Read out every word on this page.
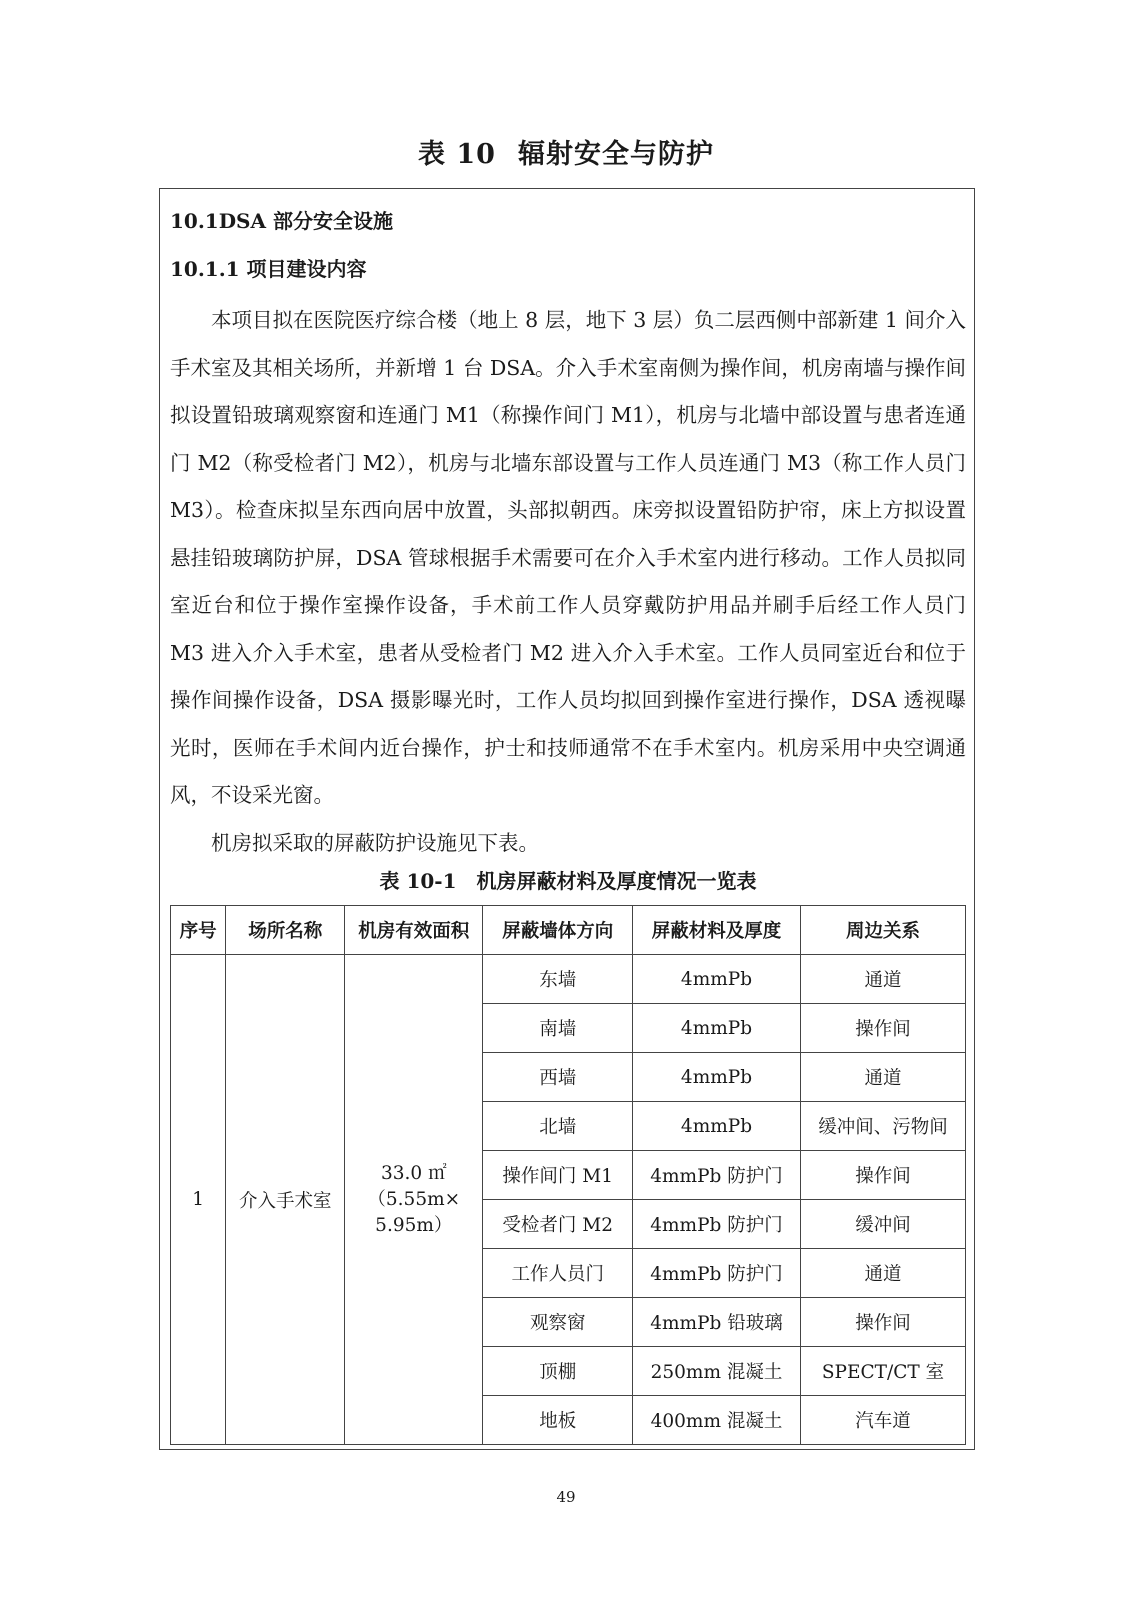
表 10 辐射安全与防护
10.1DSA 部分安全设施
10.1.1 项目建设内容

本项目拟在医院医疗综合楼（地上 8 层，地下 3 层）负二层西侧中部新建 1 间介入手术室及其相关场所，并新增 1 台 DSA。介入手术室南侧为操作间，机房南墙与操作间拟设置铅玻璃观察窗和连通门 M1（称操作间门 M1），机房与北墙中部设置与患者连通门 M2（称受检者门 M2），机房与北墙东部设置与工作人员连通门 M3（称工作人员门 M3）。检查床拟呈东西向居中放置，头部拟朝西。床旁拟设置铅防护帘，床上方拟设置悬挂铅玻璃防护屏，DSA 管球根据手术需要可在介入手术室内进行移动。工作人员拟同室近台和位于操作室操作设备，手术前工作人员穿戴防护用品并刷手后经工作人员门 M3 进入介入手术室，患者从受检者门 M2 进入介入手术室。工作人员同室近台和位于操作间操作设备，DSA 摄影曝光时，工作人员均拟回到操作室进行操作，DSA 透视曝光时，医师在手术间内近台操作，护士和技师通常不在手术室内。机房采用中央空调通风，不设采光窗。

机房拟采取的屏蔽防护设施见下表。

表 10-1 机房屏蔽材料及厚度情况一览表
序号	场所名称	机房有效面积	屏蔽墙体方向	屏蔽材料及厚度	周边关系
1	介入手术室	33.0 ㎡
（5.55m×
5.95m）	东墙	4mmPb	通道
			南墙	4mmPb	操作间
			西墙	4mmPb	通道
			北墙	4mmPb	缓冲间、污物间
			操作间门 M1	4mmPb 防护门	操作间
			受检者门 M2	4mmPb 防护门	缓冲间
			工作人员门	4mmPb 防护门	通道
			观察窗	4mmPb 铅玻璃	操作间
			顶棚	250mm 混凝土	SPECT/CT 室
			地板	400mm 混凝土	汽车道
49
